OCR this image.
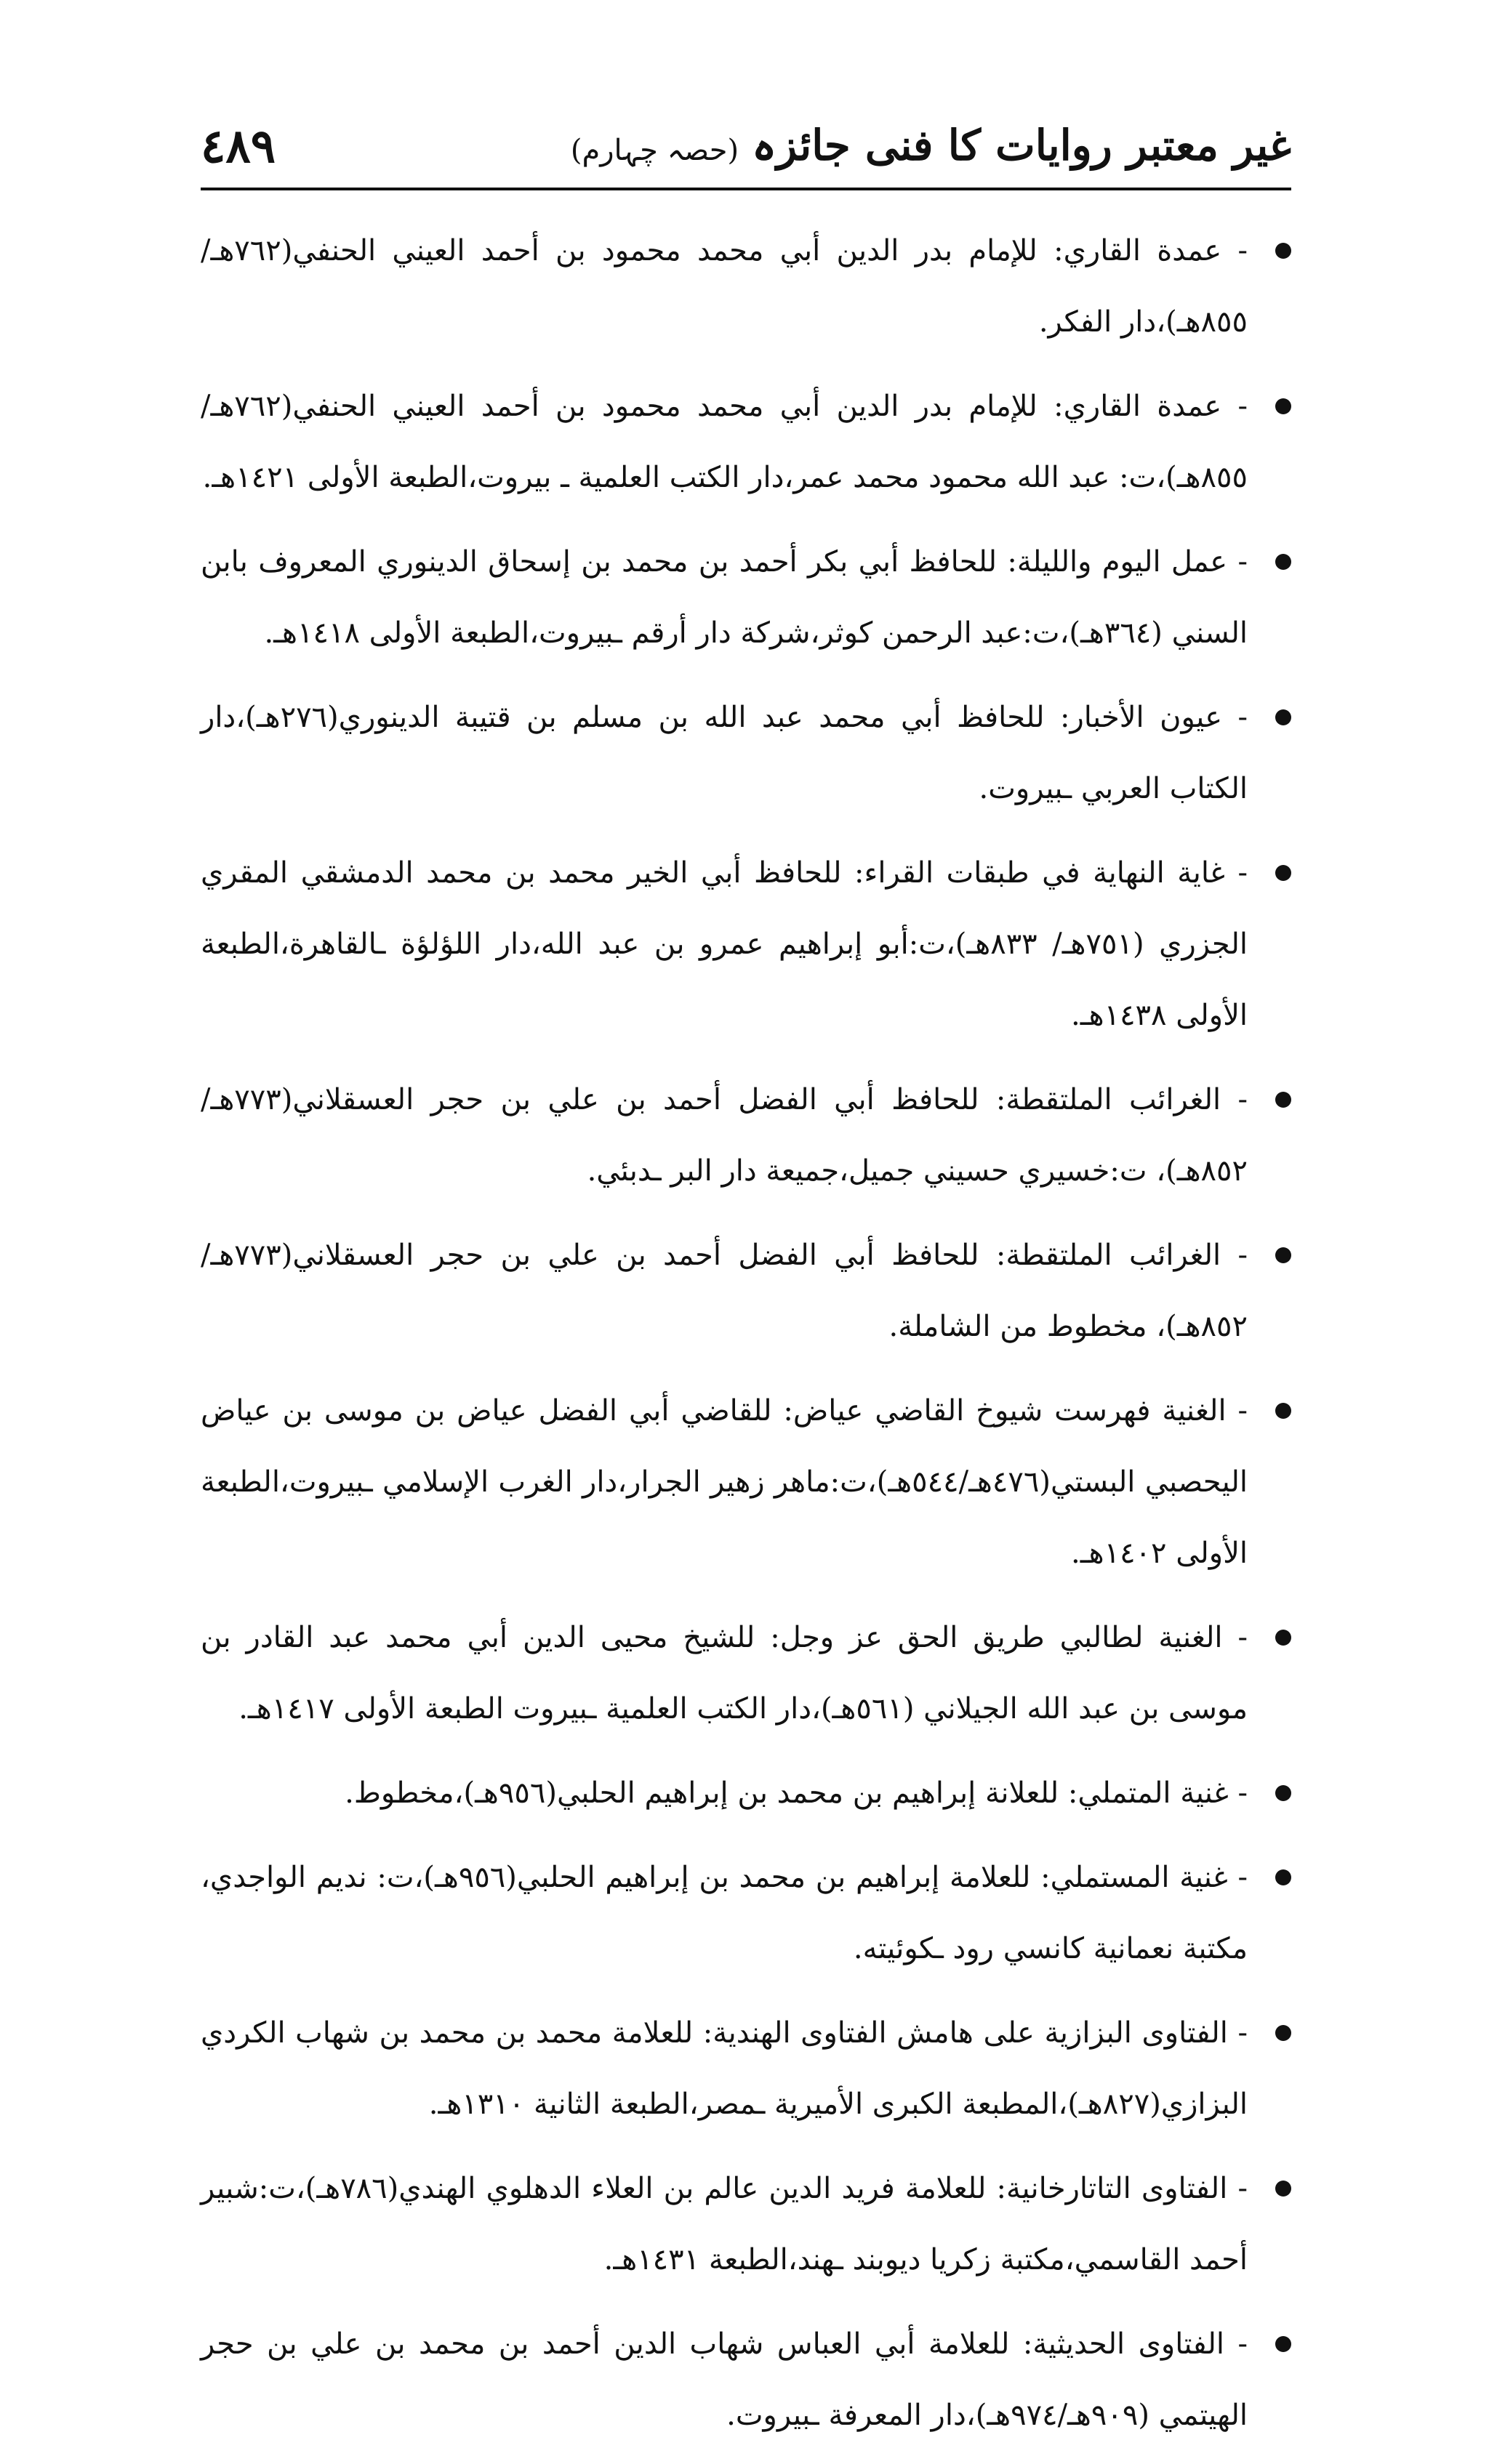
٤٨٩	غیر معتبر روایات کا فنی جائزہ
(حصہ چہارم)
- عمدة القاري: للإمام بدر الدين أبي محمد محمود بن أحمد العيني الحنفي(٧٦٢هـ/٨٥٥هـ)،دار الفكر.
- عمدة القاري: للإمام بدر الدين أبي محمد محمود بن أحمد العيني الحنفي(٧٦٢هـ/٨٥٥هـ)،ت: عبد الله محمود محمد عمر،دار الكتب العلمية ـ بيروت،الطبعة الأولى ١٤٢١هـ.
- عمل اليوم والليلة: للحافظ أبي بكر أحمد بن محمد بن إسحاق الدينوري المعروف بابن السني (٣٦٤هـ)،ت:عبد الرحمن كوثر،شركة دار أرقم ـبيروت،الطبعة الأولى ١٤١٨هـ.
- عيون الأخبار: للحافظ أبي محمد عبد الله بن مسلم بن قتيبة الدينوري(٢٧٦هـ)،دار الكتاب العربي ـبيروت.
- غاية النهاية في طبقات القراء: للحافظ أبي الخير محمد بن محمد الدمشقي المقري الجزري (٧٥١هـ/ ٨٣٣هـ)،ت:أبو إبراهيم عمرو بن عبد الله،دار اللؤلؤة ـالقاهرة،الطبعة الأولى ١٤٣٨هـ.
- الغرائب الملتقطة: للحافظ أبي الفضل أحمد بن علي بن حجر العسقلاني(٧٧٣هـ/٨٥٢هـ)، ت:خسيري حسيني جميل،جميعة دار البر ـدبئي.
- الغرائب الملتقطة: للحافظ أبي الفضل أحمد بن علي بن حجر العسقلاني(٧٧٣هـ/٨٥٢هـ)، مخطوط من الشاملة.
- الغنية فهرست شيوخ القاضي عياض: للقاضي أبي الفضل عياض بن موسى بن عياض اليحصبي البستي(٤٧٦هـ/٥٤٤هـ)،ت:ماهر زهير الجرار،دار الغرب الإسلامي ـبيروت،الطبعة الأولى ١٤٠٢هـ.
- الغنية لطالبي طريق الحق عز وجل: للشيخ محيى الدين أبي محمد عبد القادر بن موسى بن عبد الله الجيلاني (٥٦١هـ)،دار الكتب العلمية ـبيروت الطبعة الأولى ١٤١٧هـ.
- غنية المتملي: للعلانة إبراهيم بن محمد بن إبراهيم الحلبي(٩٥٦هـ)،مخطوط.
- غنية المستملي: للعلامة إبراهيم بن محمد بن إبراهيم الحلبي(٩٥٦هـ)،ت: نديم الواجدي، مكتبة نعمانية كانسي رود ـكوئيته.
- الفتاوى البزازية على هامش الفتاوى الهندية: للعلامة محمد بن محمد بن شهاب الكردي البزازي(٨٢٧هـ)،المطبعة الكبرى الأميرية ـمصر،الطبعة الثانية ١٣١٠هـ.
- الفتاوى التاتارخانية: للعلامة فريد الدين عالم بن العلاء الدهلوي الهندي(٧٨٦هـ)،ت:شبير أحمد القاسمي،مكتبة زكريا ديوبند ـهند،الطبعة ١٤٣١هـ.
- الفتاوى الحديثية: للعلامة أبي العباس شهاب الدين أحمد بن محمد بن علي بن حجر الهيتمي (٩٠٩هـ/٩٧٤هـ)،دار المعرفة ـبيروت.
